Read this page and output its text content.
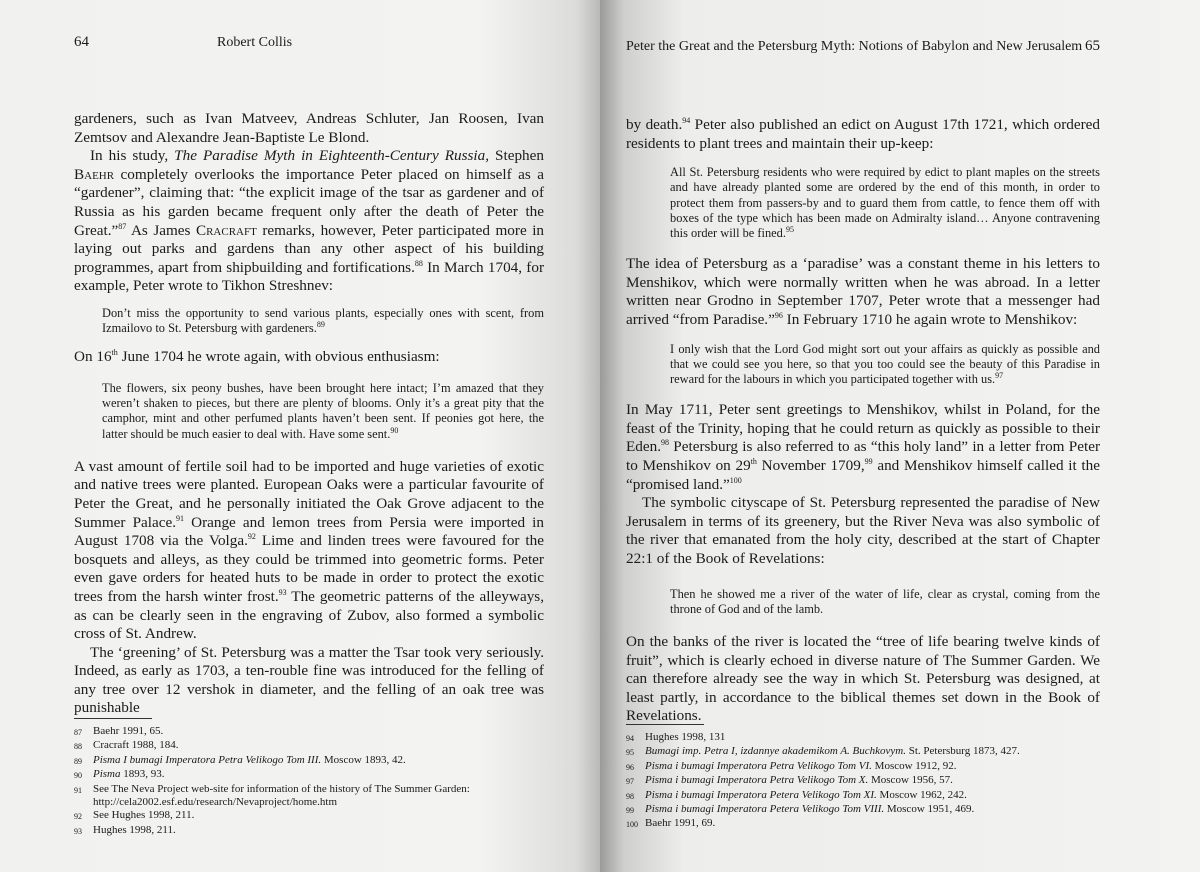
64	Robert Collis

gardeners, such as Ivan Matveev, Andreas Schluter, Jan Roosen, Ivan Zemtsov and Alexandre Jean-Baptiste Le Blond.

In his study, The Paradise Myth in Eighteenth-Century Russia, Stephen Baehr completely overlooks the importance Peter placed on himself as a “gardener”, claiming that: “the explicit image of the tsar as gardener and of Russia as his garden became frequent only after the death of Peter the Great.”$^{87}$ As James Cracraft remarks, however, Peter participated more in laying out parks and gardens than any other aspect of his building programmes, apart from shipbuilding and fortifications.$^{88}$ In March 1704, for example, Peter wrote to Tikhon Streshnev:

Don’t miss the opportunity to send various plants, especially ones with scent, from Izmailovo to St. Petersburg with gardeners.$^{89}$

On 16th June 1704 he wrote again, with obvious enthusiasm:

The flowers, six peony bushes, have been brought here intact; I’m amazed that they weren’t shaken to pieces, but there are plenty of blooms. Only it’s a great pity that the camphor, mint and other perfumed plants haven’t been sent. If peonies got here, the latter should be much easier to deal with. Have some sent.$^{90}$

A vast amount of fertile soil had to be imported and huge varieties of exotic and native trees were planted. European Oaks were a particular favourite of Peter the Great, and he personally initiated the Oak Grove adjacent to the Summer Palace.$^{91}$ Orange and lemon trees from Persia were imported in August 1708 via the Volga.$^{92}$ Lime and linden trees were favoured for the bosquets and alleys, as they could be trimmed into geometric forms. Peter even gave orders for heated huts to be made in order to protect the exotic trees from the harsh winter frost.$^{93}$ The geometric patterns of the alleyways, as can be clearly seen in the engraving of Zubov, also formed a symbolic cross of St. Andrew.

The ‘greening’ of St. Petersburg was a matter the Tsar took very seriously. Indeed, as early as 1703, a ten-rouble fine was introduced for the felling of any tree over 12 vershok in diameter, and the felling of an oak tree was punishable

87	Baehr 1991, 65.
88	Cracraft 1988, 184.
89	Pisma I bumagi Imperatora Petra Velikogo Tom III. Moscow 1893, 42.
90	Pisma 1893, 93.
91	See The Neva Project web-site for information of the history of The Summer Garden: http://cela2002.esf.edu/research/Nevaproject/home.htm
92	See Hughes 1998, 211.
93	Hughes 1998, 211.
Peter the Great and the Petersburg Myth: Notions of Babylon and New Jerusalem 65

by death.$^{94}$ Peter also published an edict on August 17th 1721, which ordered residents to plant trees and maintain their up-keep:

All St. Petersburg residents who were required by edict to plant maples on the streets and have already planted some are ordered by the end of this month, in order to protect them from passers-by and to guard them from cattle, to fence them off with boxes of the type which has been made on Admiralty island… Anyone contravening this order will be fined.$^{95}$

The idea of Petersburg as a ‘paradise’ was a constant theme in his letters to Menshikov, which were normally written when he was abroad. In a letter written near Grodno in September 1707, Peter wrote that a messenger had arrived “from Paradise.”$^{96}$ In February 1710 he again wrote to Menshikov:

I only wish that the Lord God might sort out your affairs as quickly as possible and that we could see you here, so that you too could see the beauty of this Paradise in reward for the labours in which you participated together with us.$^{97}$

In May 1711, Peter sent greetings to Menshikov, whilst in Poland, for the feast of the Trinity, hoping that he could return as quickly as possible to their Eden.$^{98}$ Petersburg is also referred to as “this holy land” in a letter from Peter to Menshikov on 29th November 1709,99 and Menshikov himself called it the “promised land.”$^{100}$

The symbolic cityscape of St. Petersburg represented the paradise of New Jerusalem in terms of its greenery, but the River Neva was also symbolic of the river that emanated from the holy city, described at the start of Chapter 22:1 of the Book of Revelations:

Then he showed me a river of the water of life, clear as crystal, coming from the throne of God and of the lamb.

On the banks of the river is located the “tree of life bearing twelve kinds of fruit”, which is clearly echoed in diverse nature of The Summer Garden. We can therefore already see the way in which St. Petersburg was designed, at least partly, in accordance to the biblical themes set down in the Book of Revelations.

94	Hughes 1998, 131
95	Bumagi imp. Petra I, izdannye akademikom A. Buchkovym. St. Petersburg 1873, 427.
96	Pisma i bumagi Imperatora Petra Velikogo Tom VI. Moscow 1912, 92.
97	Pisma i bumagi Imperatora Petra Velikogo Tom X. Moscow 1956, 57.
98	Pisma i bumagi Imperatora Petera Velikogo Tom XI. Moscow 1962, 242.
99	Pisma i bumagi Imperatora Petera Velikogo Tom VIII. Moscow 1951, 469.
100 Baehr 1991, 69.
